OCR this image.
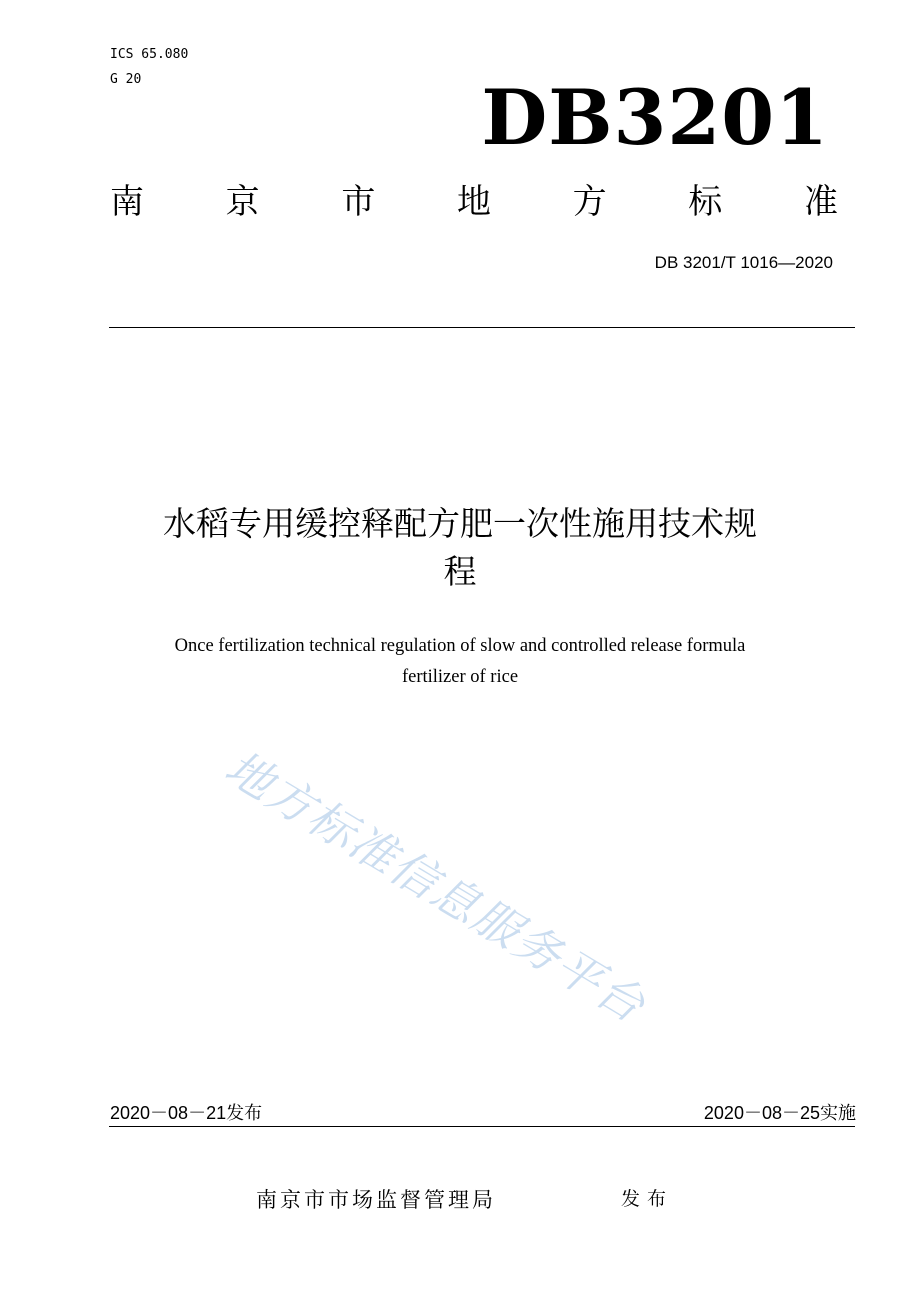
ICS 65.080
G 20	DB3201
南 京 市 地 方 标 准
DB 3201/T 1016—2020
水稻专用缓控释配方肥一次性施用技术规
程
Once fertilization technical regulation of slow and controlled release formula
fertilizer of rice
地方标准信息服务平台
2020－08－21发布	2020－08－25实施
南京市市场监督管理局	发布
